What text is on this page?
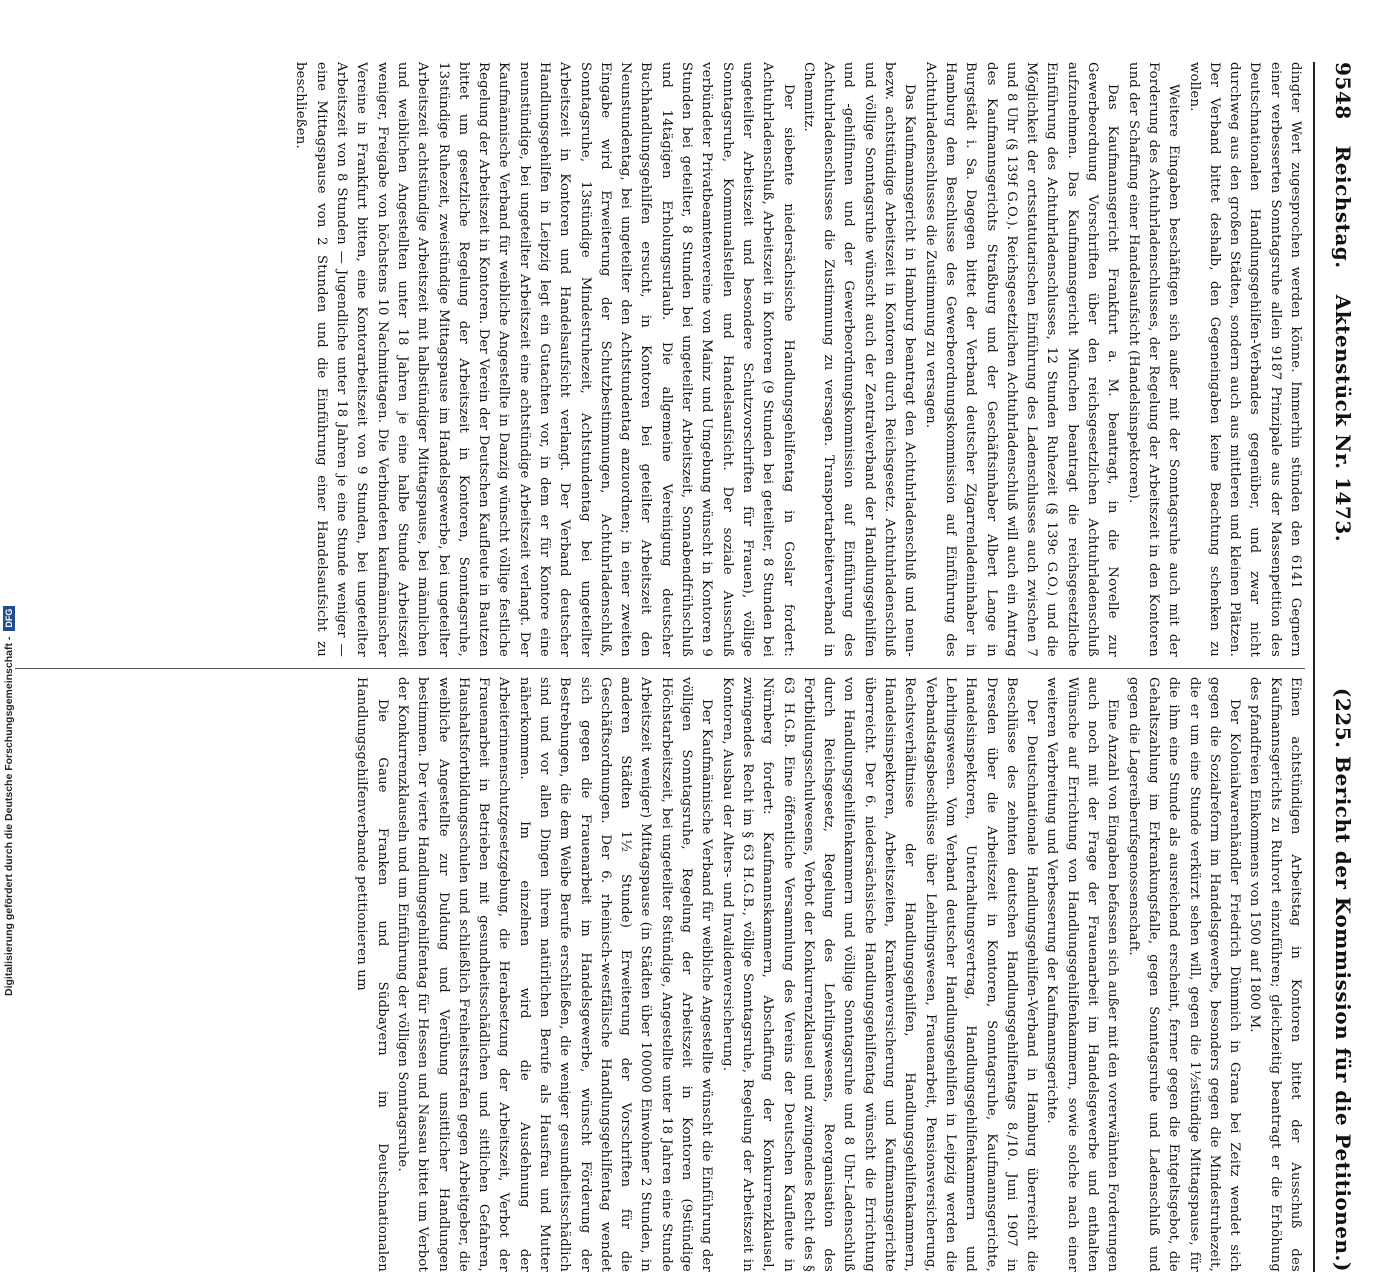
9548
Reichstag.
Aktenstück Nr. 1473.
(225. Bericht der Kommission für die Petitionen.)

dingter Wert zugesprochen werden könne. Immerhin stünden den 6141 Gegnern einer verbesserten Sonntagsruhe allein 9187 Prinzipale aus der Massenpetition des Deutschnationalen Handlungsgehilfen-Verbandes gegenüber, und zwar nicht durchweg aus den großen Städten, sondern auch aus mittleren und kleinen Plätzen. Der Verband bittet deshalb, den Gegeneingaben keine Beachtung schenken zu wollen.

Weitere Eingaben beschäftigen sich außer mit der Sonntagsruhe auch mit der Forderung des Achtuhrladenschlusses, der Regelung der Arbeitszeit in den Kontoren und der Schaffung einer Handelsaufsicht (Handelsinspektoren).

Das Kaufmannsgericht Frankfurt a. M. beantragt, in die Novelle zur Gewerbeordnung Vorschriften über den reichsgesetzlichen Achtuhrladenschluß aufzunehmen. Das Kaufmannsgericht München beantragt die reichsgesetzliche Einführung des Achtuhrladenschlusses, 12 Stunden Ruhezeit (§ 139c G.O.) und die Möglichkeit der ortsstatutarischen Einführung des Ladenschlusses auch zwischen 7 und 8 Uhr (§ 139f G.O.). Reichsgesetzlichen Achtuhrladenschluß will auch ein Antrag des Kaufmannsgerichts Straßburg und der Geschäftsinhaber Albert Lange in Burgstädt i. Sa. Dagegen bittet der Verband deutscher Zigarrenladeninhaber in Hamburg dem Beschlusse des Gewerbeordnungskommission auf Einführung des Achtuhrladenschlusses die Zustimmung zu versagen.

Das Kaufmannsgericht in Hamburg beantragt den Achtuhrladenschluß und neun- bezw. achtstündige Arbeitszeit in Kontoren durch Reichsgesetz. Achtuhrladenschluß und völlige Sonntagsruhe wünscht auch der Zentralverband der Handlungsgehilfen und -gehilfinnen und der Gewerbeordnungskommission auf Einführung des Achtuhrladenschlusses die Zustimmung zu versagen. Transportarbeiterverband in Chemnitz.

Der siebente niedersächsische Handlungsgehilfentag in Goslar fordert: Achtuhrladenschluß, Arbeitszeit in Kontoren (9 Stunden bei geteilter, 8 Stunden bei ungeteilter Arbeitszeit und besondere Schutzvorschriften für Frauen), völlige Sonntagsruhe, Kommunalstellen und Handelsaufsicht. Der soziale Ausschuß verbündeter Privatbeamtenvereine von Mainz und Umgebung wünscht in Kontoren 9 Stunden bei geteilter, 8 Stunden bei ungeteilter Arbeitszeit, Sonnabendfrühschluß und 14tägigen Erholungsurlaub. Die allgemeine Vereinigung deutscher Buchhandlungsgehilfen ersucht, in Kontoren bei geteilter Arbeitszeit den Neunstundentag, bei ungeteilter den Achtstundentag anzuordnen; in einer zweiten Eingabe wird Erweiterung der Schutzbestimmungen, Achtuhrladenschluß, Sonntagsruhe, 13stündige Mindestruhezeit, Achtstundentag bei ungeteilter Arbeitszeit in Kontoren und Handelsaufsicht verlangt. Der Verband deutscher Handlungsgehilfen in Leipzig legt ein Gutachten vor, in dem er für Kontore eine neunstündige, bei ungeteilter Arbeitszeit eine achtstündige Arbeitszeit verlangt. Der Kaufmännische Verband für weibliche Angestellte in Danzig wünscht völlige festliche Regelung der Arbeitszeit in Kontoren. Der Verein der Deutschen Kaufleute in Bautzen bittet um gesetzliche Regelung der Arbeitszeit in Kontoren, Sonntagsruhe, 13stündige Ruhezeit, zweistündige Mittagspause im Handelsgewerbe, bei ungeteilter Arbeitszeit achtstündige Arbeitszeit mit halbstündiger Mittagspause, bei männlichen und weiblichen Angestellten unter 18 Jahren je eine halbe Stunde Arbeitszeit weniger, Freigabe von höchstens 10 Nachmittagen. Die Verbindeten kaufmännischer Vereine in Frankfurt bitten, eine Kontorarbeitszeit von 9 Stunden, bei ungeteilter Arbeitszeit von 8 Stunden — Jugendliche unter 18 Jahren je eine Stunde weniger — eine Mittagspause von 2 Stunden und die Einführung einer Handelsaufsicht zu beschließen.

Einen achtstündigen Arbeitstag in Kontoren bittet der Ausschuß des Kaufmannsgerichts zu Ruhrort einzuführen; gleichzeitig beantragt er die Erhöhung des pfandfreien Einkommens von 1500 auf 1800 M.

Der Kolonialwarenhändler Friedrich Dümmich in Grana bei Zeitz wendet sich gegen die Sozialreform im Handelsgewerbe, besonders gegen die Mindestruhezeit, die er um eine Stunde verkürzt sehen will, gegen die 1½stündige Mittagspause, für die ihm eine Stunde als ausreichend erscheint, ferner gegen die Entgeltsgebot, die Gehaltszahlung im Erkrankungsfalle, gegen Sonntagsruhe und Ladenschluß und gegen die Lagereiberufsgenossenschaft.

Eine Anzahl von Eingaben befassen sich außer mit den vorerwähnten Forderungen auch noch mit der Frage der Frauenarbeit im Handelsgewerbe und enthalten Wünsche auf Errichtung von Handlungsgehilfenkammern, sowie solche nach einer weiteren Verbreitung und Verbesserung der Kaufmannsgerichte.

Der Deutschnationale Handlungsgehilfen-Verband in Hamburg überreicht die Beschlüsse des zehnten deutschen Handlungsgehilfentags 8./10. Juni 1907 in Dresden über die Arbeitszeit in Kontoren, Sonntagsruhe, Kaufmannsgerichte, Handelsinspektoren, Unterhaltungsvertrag, Handlungsgehilfenkammern und Lehrlingswesen. Vom Verband deutscher Handlungsgehilfen in Leipzig werden die Verbandstagsbeschlüsse über Lehrlingswesen, Frauenarbeit, Pensionsversicherung, Rechtsverhältnisse der Handlungsgehilfen, Handlungsgehilfenkammern, Handelsinspektoren, Arbeitszeiten, Krankenversicherung und Kaufmannsgerichte überreicht. Der 6. niedersächsische Handlungsgehilfentag wünscht die Errichtung von Handlungsgehilfenkammern und völlige Sonntagsruhe und 8 Uhr-Ladenschluß durch Reichsgesetz, Regelung des Lehrlingswesens, Reorganisation des Fortbildungsschulwesens, Verbot der Konkurrenzklausel und zwingendes Recht des § 63 H.G.B. Eine öffentliche Versammlung des Vereins der Deutschen Kaufleute in Nürnberg fordert: Kaufmannskammern, Abschaffung der Konkurrenzklausel, zwingendes Recht im § 63 H.G.B., völlige Sonntagsruhe, Regelung der Arbeitszeit in Kontoren, Ausbau der Alters- und Invalidenversicherung.

Der Kaufmännische Verband für weibliche Angestellte wünscht die Einführung der völligen Sonntagsruhe, Regelung der Arbeitszeit in Kontoren (9stündige Höchstarbeitszeit, bei ungeteilter 8stündige, Angestellte unter 18 Jahren eine Stunde Arbeitszeit weniger) Mittagspause (in Städten über 100000 Einwohner 2 Stunden, in anderen Städten 1½ Stunde) Erweiterung der Vorschriften für die Geschäftsordnungen. Der 6. rheinisch-westfälische Handlungsgehilfentag wendet sich gegen die Frauenarbeit im Handelsgewerbe, wünscht Förderung der Bestrebungen, die dem Weibe Berufe erschließen, die weniger gesundheitsschädlich sind und vor allen Dingen ihrem natürlichen Berufe als Hausfrau und Mutter näherkommen. Im einzelnen wird die Ausdehnung der Arbeiterinnenschutzgesetzgebung, die Herabsetzung der Arbeitszeit, Verbot der Frauenarbeit in Betrieben mit gesundheitsschädlichen und sittlichen Gefahren, Haushaltsfortbildungsschulen und schließlich Freiheitsstrafen gegen Arbeitgeber, die weibliche Angestellte zur Duldung und Verübung unsittlicher Handlungen bestimmen. Der vierte Handlungsgehilfentag für Hessen und Nassau bittet um Verbot der Konkurrenzklauseln und um Einführung der völligen Sonntagsruhe.

Die Gaue Franken und Südbayern im Deutschnationalen Handlungsgehilfenverbande petitionieren um

Digitalisierung gefördert durch die Deutsche Forschungsgemeinschaft -
DFG
